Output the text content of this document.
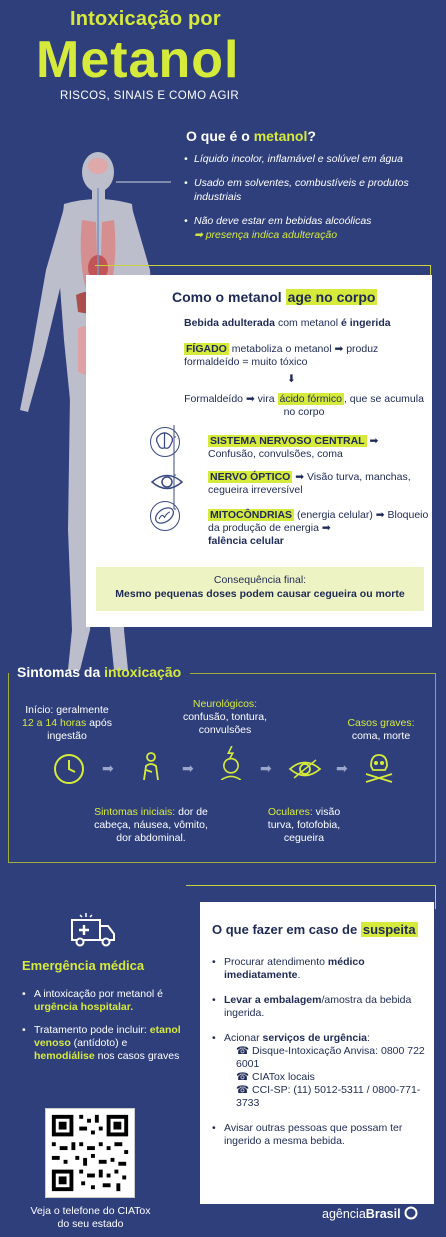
Intoxicação por
Metanol
RISCOS, SINAIS E COMO AGIR
O que é o metanol?
• Líquido incolor, inflamável e solúvel em água
• Usado em solventes, combustíveis e produtos industriais
• Não deve estar em bebidas alcoólicas
➡ presença indica adulteração
Como o metanol age no corpo
Bebida adulterada com metanol é ingerida
FÍGADO metaboliza o metanol ➡ produz formaldeído = muito tóxico
⬇
Formaldeído ➡ vira ácido fórmico , que se acumula no corpo
SISTEMA NERVOSO CENTRAL ➡
Confusão, convulsões, coma
NERVO ÓPTICO ➡ Visão turva, manchas, cegueira irreversível
MITOCÔNDRIAS (energia celular) ➡ Bloqueio da produção de energia ➡
falência celular
Consequência final:
Mesmo pequenas doses podem causar cegueira ou morte
Sintomas da intoxicação
Início: geralmente
12 a 14 horas após ingestão
Neurológicos:
confusão, tontura, convulsões
Casos graves:
coma, morte
➡	➡	➡	➡
Sintomas iniciais: dor de cabeça, náusea, vômito, dor abdominal.
Oculares: visão turva, fotofobia, cegueira
Emergência médica
• A intoxicação por metanol é urgência hospitalar.
• Tratamento pode incluir: etanol venoso (antídoto) e hemodiálise nos casos graves
O que fazer em caso de suspeita
• Procurar atendimento médico imediatamente.
• Levar a embalagem/amostra da bebida ingerida.
• Acionar serviços de urgência:
☎ Disque-Intoxicação Anvisa: 0800 722 6001
☎ CIATox locais
☎ CCI-SP: (11) 5012-5311 / 0800-771-3733
• Avisar outras pessoas que possam ter ingerido a mesma bebida.
Veja o telefone do CIATox do seu estado
agênciaBrasil
